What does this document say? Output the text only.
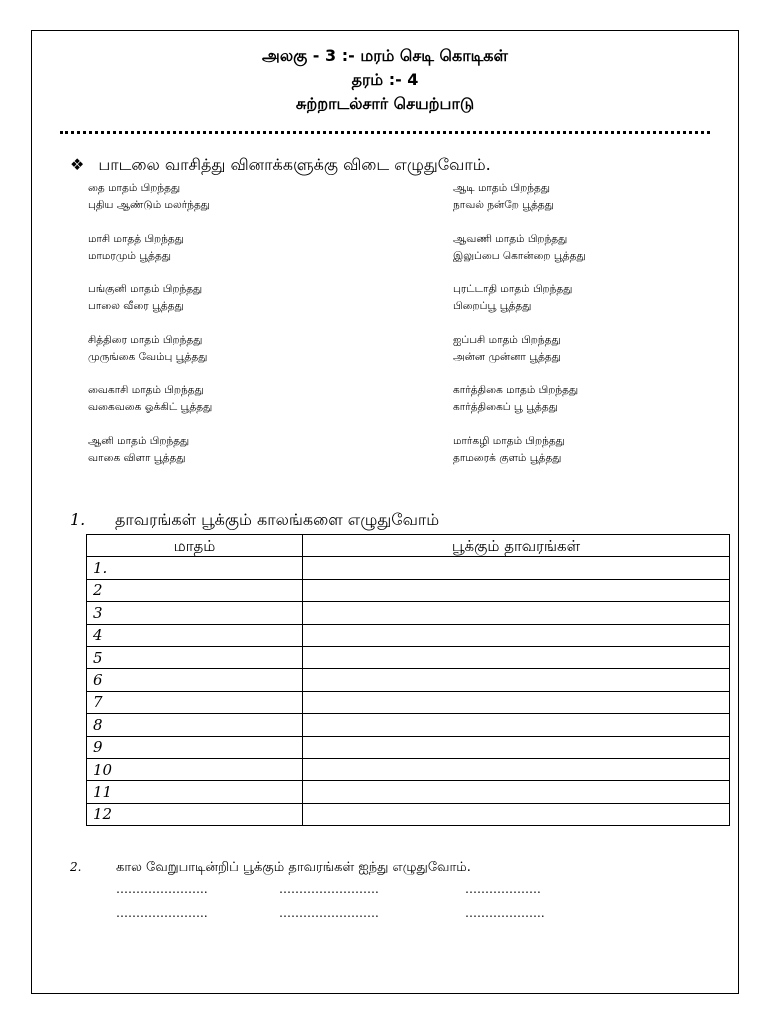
அலகு - 3 :- மரம் செடி கொடிகள்
தரம் :- 4
சுற்றாடல்சார் செயற்பாடு
❖ பாடலை வாசித்து வினாக்களுக்கு விடை எழுதுவோம்.
தை மாதம் பிறந்தது
புதிய ஆண்டும் மலர்ந்தது
மாசி மாதத் பிறந்தது
மாமரமும் பூத்தது
பங்குனி மாதம் பிறந்தது
பாலை வீரை பூத்தது
சித்திரை மாதம் பிறந்தது
முருங்கை வேம்பு பூத்தது
வைகாசி மாதம் பிறந்தது
வகைவகை ஓக்கிட் பூத்தது
ஆனி மாதம் பிறந்தது
வாகை விளா பூத்தது
ஆடி மாதம் பிறந்தது
நாவல் நன்றே பூத்தது
ஆவணி மாதம் பிறந்தது
இலுப்பை கொன்றை பூத்தது
புரட்டாதி மாதம் பிறந்தது
பிறைப்பூ பூத்தது
ஐப்பசி மாதம் பிறந்தது
அன்ன முன்னா பூத்தது
கார்த்திகை மாதம் பிறந்தது
கார்த்திகைப் பூ பூத்தது
மார்கழி மாதம் பிறந்தது
தாமரைக் குளம் பூத்தது
1. தாவரங்கள் பூக்கும் காலங்களை எழுதுவோம்
மாதம்	பூக்கும் தாவரங்கள்
1.	
2	
3	
4	
5	
6	
7	
8	
9	
10	
11	
12	
2.	கால வேறுபாடின்றிப் பூக்கும் தாவரங்கள் ஐந்து எழுதுவோம்.
…………………..	…………………….	……………….
…………………..	…………………….	………………..
